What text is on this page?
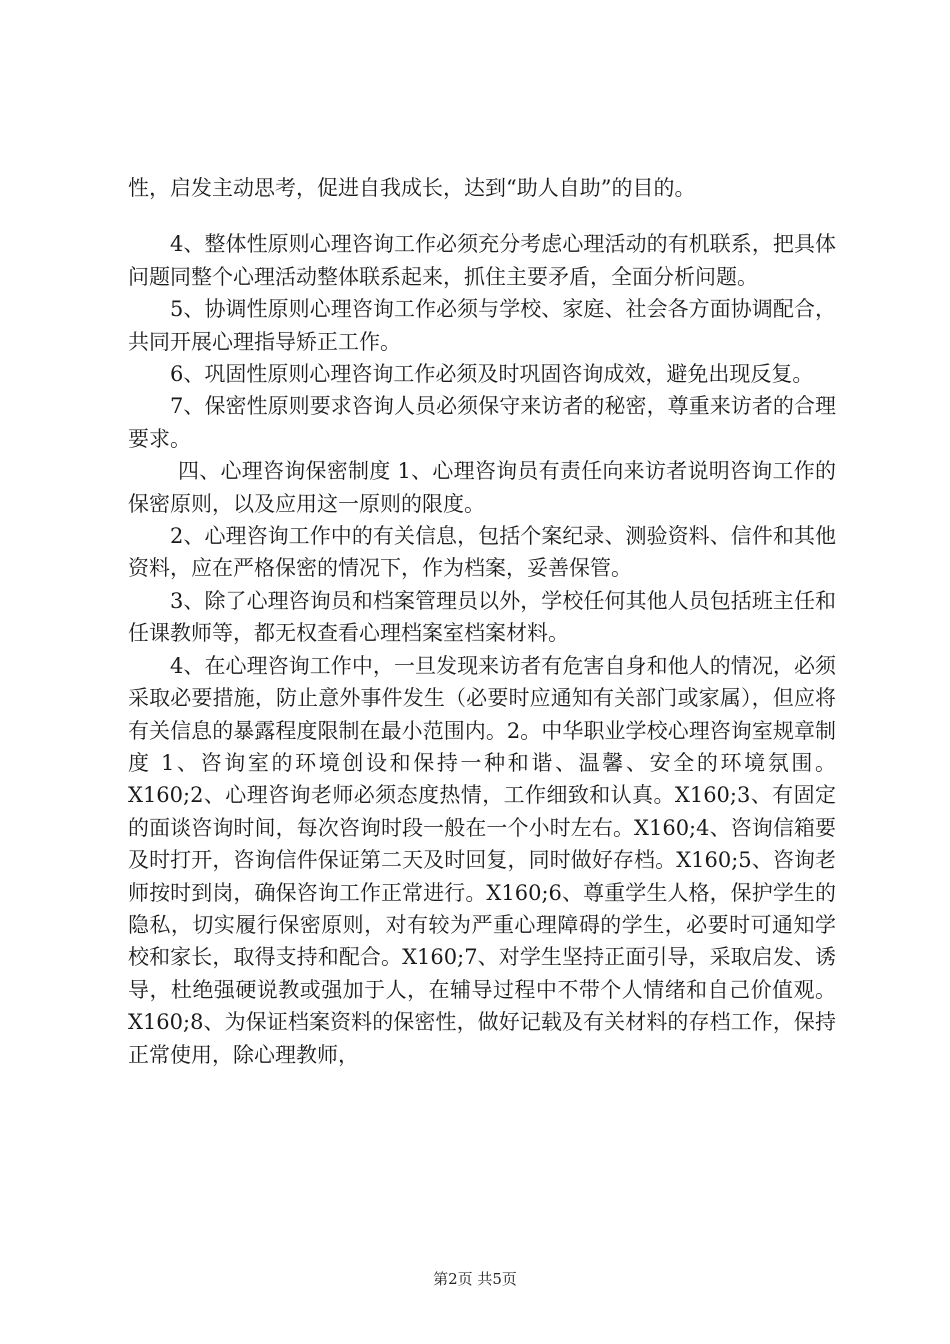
性，启发主动思考，促进自我成长，达到“助人自助”的目的。

4、整体性原则心理咨询工作必须充分考虑心理活动的有机联系，把具体问题同整个心理活动整体联系起来，抓住主要矛盾，全面分析问题。

5、协调性原则心理咨询工作必须与学校、家庭、社会各方面协调配合，共同开展心理指导矫正工作。

6、巩固性原则心理咨询工作必须及时巩固咨询成效，避免出现反复。

7、保密性原则要求咨询人员必须保守来访者的秘密，尊重来访者的合理要求。

四、心理咨询保密制度 1、心理咨询员有责任向来访者说明咨询工作的保密原则，以及应用这一原则的限度。

2、心理咨询工作中的有关信息，包括个案纪录、测验资料、信件和其他资料，应在严格保密的情况下，作为档案，妥善保管。

3、除了心理咨询员和档案管理员以外，学校任何其他人员包括班主任和任课教师等，都无权查看心理档案室档案材料。

4、在心理咨询工作中，一旦发现来访者有危害自身和他人的情况，必须采取必要措施，防止意外事件发生（必要时应通知有关部门或家属），但应将有关信息的暴露程度限制在最小范围内。2。中华职业学校心理咨询室规章制度 1、咨询室的环境创设和保持一种和谐、温馨、安全的环境氛围。X160;2、心理咨询老师必须态度热情，工作细致和认真。X160;3、有固定的面谈咨询时间，每次咨询时段一般在一个小时左右。X160;4、咨询信箱要及时打开，咨询信件保证第二天及时回复，同时做好存档。X160;5、咨询老师按时到岗，确保咨询工作正常进行。X160;6、尊重学生人格，保护学生的隐私，切实履行保密原则，对有较为严重心理障碍的学生，必要时可通知学校和家长，取得支持和配合。X160;7、对学生坚持正面引导，采取启发、诱导，杜绝强硬说教或强加于人，在辅导过程中不带个人情绪和自己价值观。X160;8、为保证档案资料的保密性，做好记载及有关材料的存档工作，保持正常使用，除心理教师，

第2页 共5页
